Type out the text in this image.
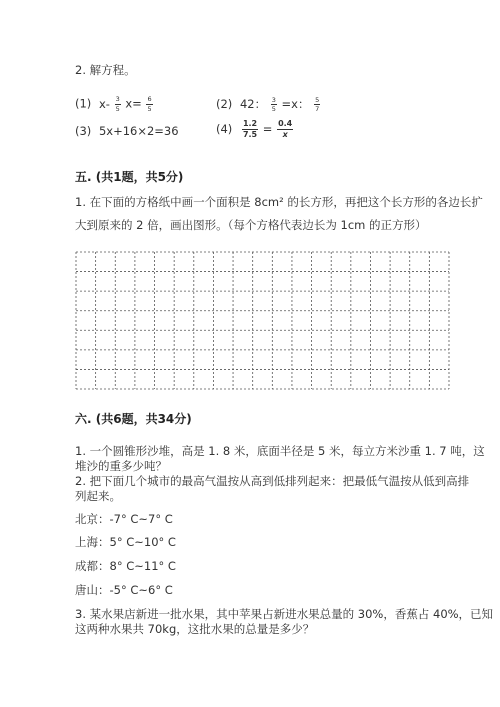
2. 解方程。
(1) $x- \frac{3}{5} x= \frac{6}{5}$	(2) 42： $\frac{3}{5} =x$： $\frac{5}{7}$
(3) 5x+16×2=36	$(4) \frac{1.2}{7.5} = \frac{0.4}{x}$
五. (共1题，共5分)
1. 在下面的方格纸中画一个面积是 8cm² 的长方形，再把这个长方形的各边长扩
大到原来的 2 倍，画出图形。（每个方格代表边长为 1cm 的正方形）
六. (共6题，共34分)
1. 一个圆锥形沙堆，高是 1. 8 米，底面半径是 5 米，每立方米沙重 1. 7 吨，这
堆沙的重多少吨？
2. 把下面几个城市的最高气温按从高到低排列起来：把最低气温按从低到高排
列起来。
北京：-7° C~7° C
上海：5° C~10° C
成都：8° C~11° C
唐山：-5° C~6° C
3. 某水果店新进一批水果，其中苹果占新进水果总量的 30%，香蕉占 40%，已知
这两种水果共 70kg，这批水果的总量是多少？
